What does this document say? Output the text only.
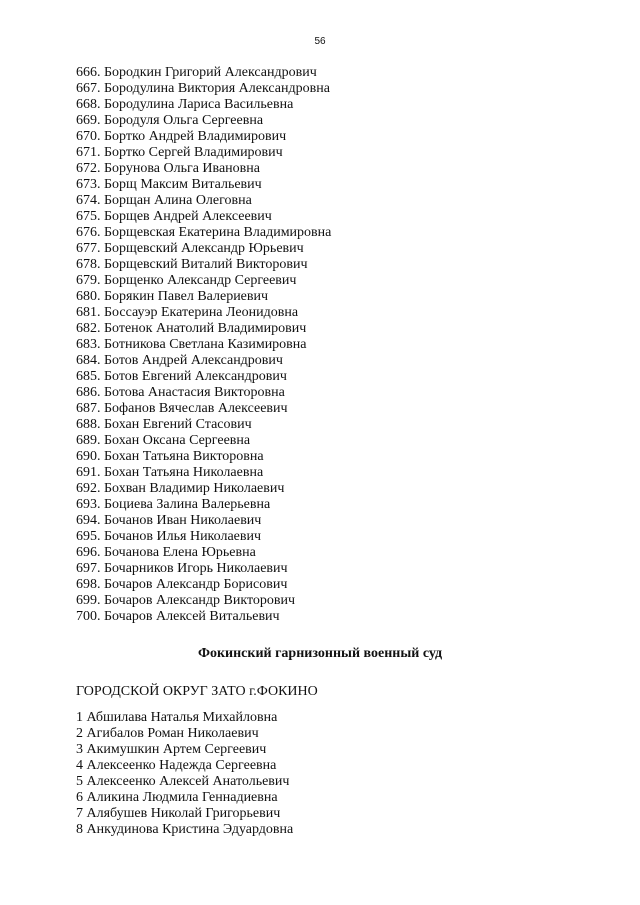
56
666. Бородкин Григорий Александрович
667. Бородулина Виктория Александровна
668. Бородулина Лариса Васильевна
669. Бородуля Ольга Сергеевна
670. Бортко Андрей Владимирович
671. Бортко Сергей Владимирович
672. Борунова Ольга Ивановна
673. Борщ Максим Витальевич
674. Борщан Алина Олеговна
675. Борщев Андрей Алексеевич
676. Борщевская Екатерина Владимировна
677. Борщевский Александр Юрьевич
678. Борщевский Виталий Викторович
679. Борщенко Александр Сергеевич
680. Борякин Павел Валериевич
681. Боссауэр Екатерина Леонидовна
682. Ботенок Анатолий Владимирович
683. Ботникова Светлана Казимировна
684. Ботов Андрей Александрович
685. Ботов Евгений Александрович
686. Ботова Анастасия Викторовна
687. Бофанов Вячеслав Алексеевич
688. Бохан Евгений Стасович
689. Бохан Оксана Сергеевна
690. Бохан Татьяна Викторовна
691. Бохан Татьяна Николаевна
692. Бохван Владимир Николаевич
693. Боциева Залина Валерьевна
694. Бочанов Иван Николаевич
695. Бочанов Илья Николаевич
696. Бочанова Елена Юрьевна
697. Бочарников Игорь Николаевич
698. Бочаров Александр Борисович
699. Бочаров Александр Викторович
700. Бочаров Алексей Витальевич
Фокинский гарнизонный военный суд
ГОРОДСКОЙ ОКРУГ ЗАТО г.ФОКИНО
1 Абшилава Наталья Михайловна
2 Агибалов Роман Николаевич
3 Акимушкин Артем Сергеевич
4 Алексеенко Надежда Сергеевна
5 Алексеенко Алексей Анатольевич
6 Аликина Людмила Геннадиевна
7 Алябушев Николай Григорьевич
8 Анкудинова Кристина Эдуардовна
